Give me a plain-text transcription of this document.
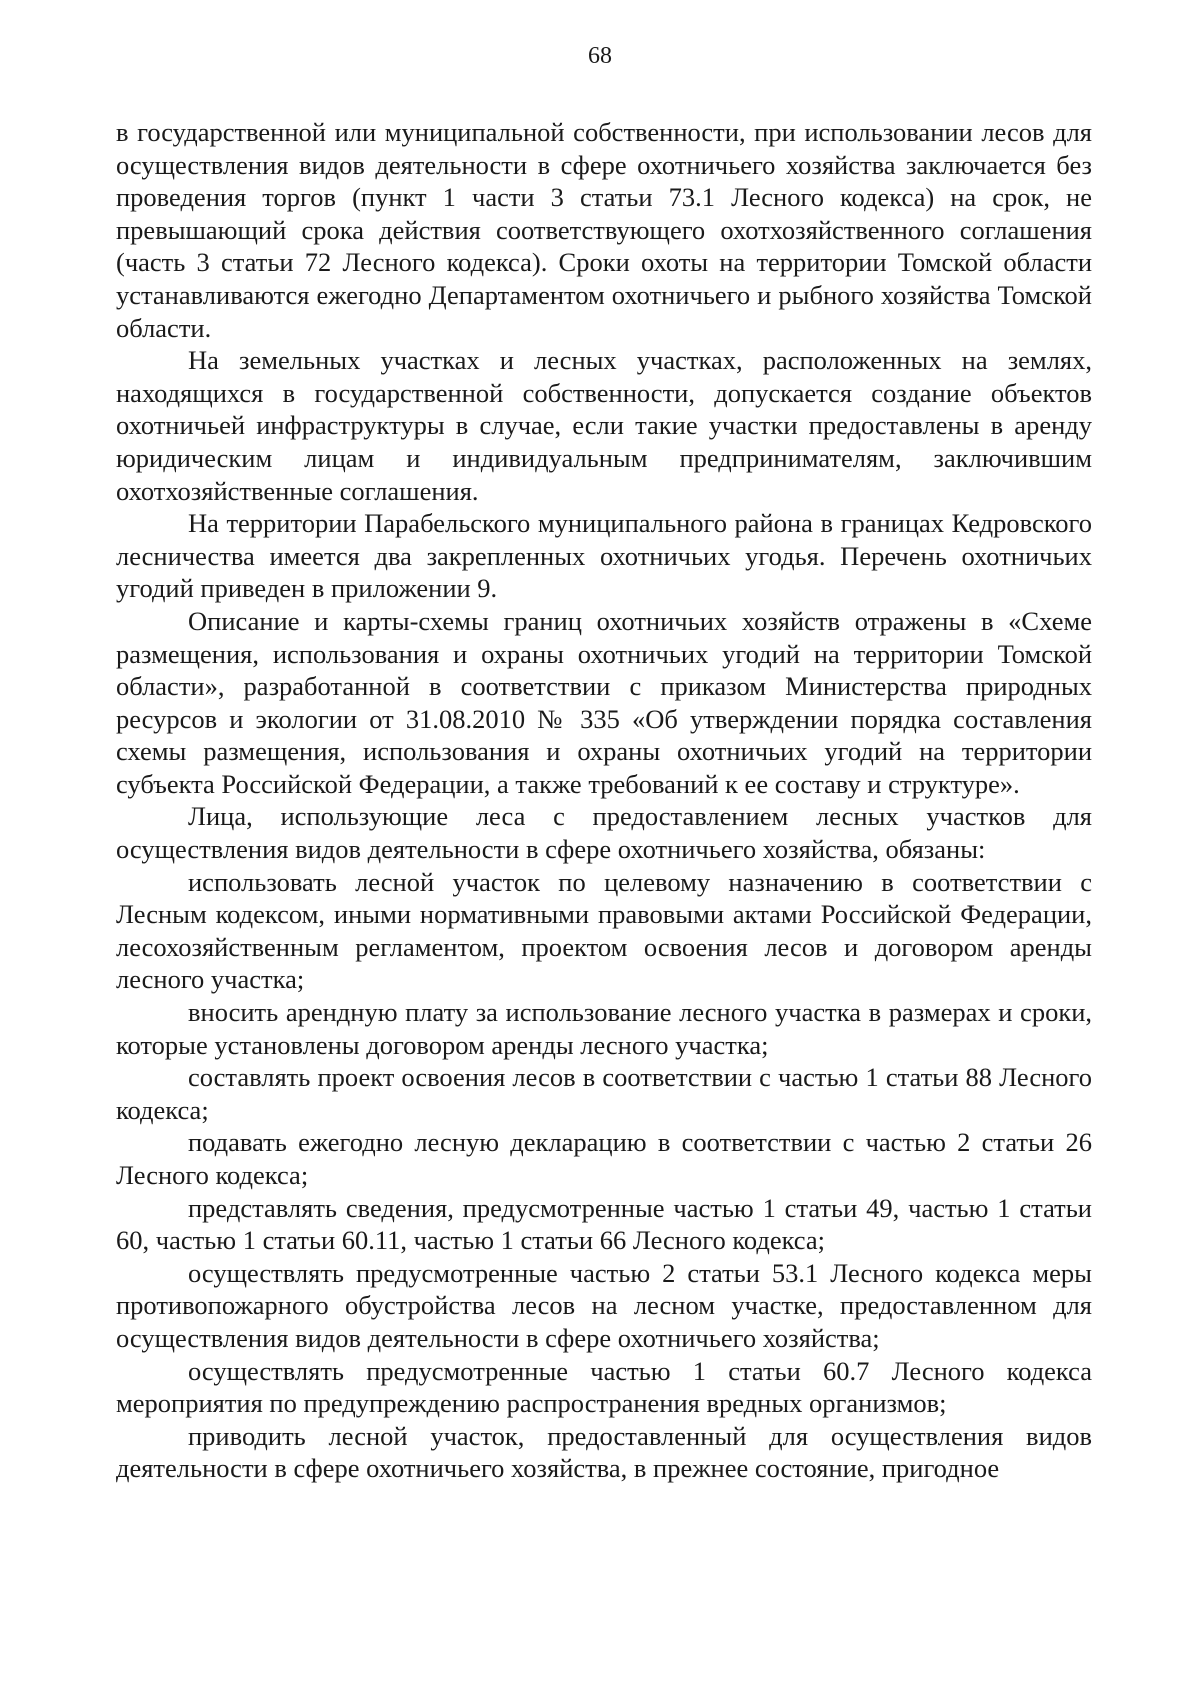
68

в государственной или муниципальной собственности, при использовании лесов для осуществления видов деятельности в сфере охотничьего хозяйства заключается без проведения торгов (пункт 1 части 3 статьи 73.1 Лесного кодекса) на срок, не превышающий срока действия соответствующего охотхозяйственного соглашения (часть 3 статьи 72 Лесного кодекса). Сроки охоты на территории Томской области устанавливаются ежегодно Департаментом охотничьего и рыбного хозяйства Томской области.

На земельных участках и лесных участках, расположенных на землях, находящихся в государственной собственности, допускается создание объектов охотничьей инфраструктуры в случае, если такие участки предоставлены в аренду юридическим лицам и индивидуальным предпринимателям, заключившим охотхозяйственные соглашения.

На территории Парабельского муниципального района в границах Кедровского лесничества имеется два закрепленных охотничьих угодья. Перечень охотничьих угодий приведен в приложении 9.

Описание и карты-схемы границ охотничьих хозяйств отражены в «Схеме размещения, использования и охраны охотничьих угодий на территории Томской области», разработанной в соответствии с приказом Министерства природных ресурсов и экологии от 31.08.2010 № 335 «Об утверждении порядка составления схемы размещения, использования и охраны охотничьих угодий на территории субъекта Российской Федерации, а также требований к ее составу и структуре».

Лица, использующие леса с предоставлением лесных участков для осуществления видов деятельности в сфере охотничьего хозяйства, обязаны:

использовать лесной участок по целевому назначению в соответствии с Лесным кодексом, иными нормативными правовыми актами Российской Федерации, лесохозяйственным регламентом, проектом освоения лесов и договором аренды лесного участка;

вносить арендную плату за использование лесного участка в размерах и сроки, которые установлены договором аренды лесного участка;

составлять проект освоения лесов в соответствии с частью 1 статьи 88 Лесного кодекса;

подавать ежегодно лесную декларацию в соответствии с частью 2 статьи 26 Лесного кодекса;

представлять сведения, предусмотренные частью 1 статьи 49, частью 1 статьи 60, частью 1 статьи 60.11, частью 1 статьи 66 Лесного кодекса;

осуществлять предусмотренные частью 2 статьи 53.1 Лесного кодекса меры противопожарного обустройства лесов на лесном участке, предоставленном для осуществления видов деятельности в сфере охотничьего хозяйства;

осуществлять предусмотренные частью 1 статьи 60.7 Лесного кодекса мероприятия по предупреждению распространения вредных организмов;

приводить лесной участок, предоставленный для осуществления видов деятельности в сфере охотничьего хозяйства, в прежнее состояние, пригодное
